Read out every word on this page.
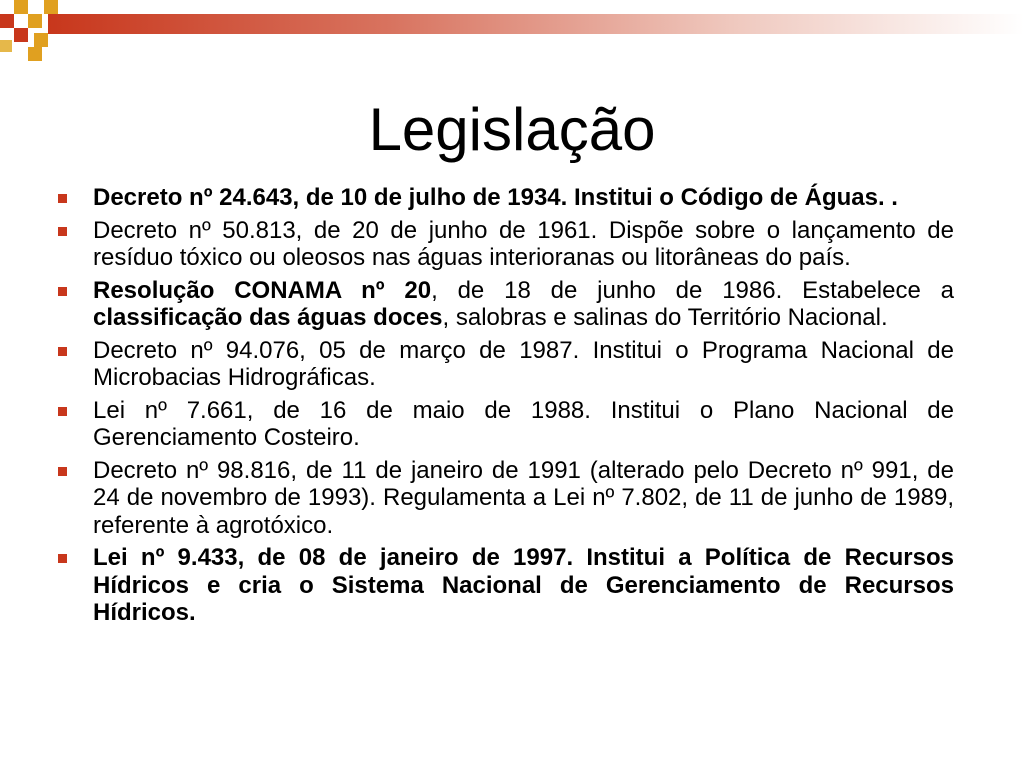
Legislação
Decreto nº 24.643, de 10 de julho de 1934. Institui o Código de Águas. .
Decreto nº 50.813, de 20 de junho de 1961. Dispõe sobre o lançamento de resíduo tóxico ou oleosos nas águas interioranas ou litorâneas do país.
Resolução CONAMA nº 20, de 18 de junho de 1986. Estabelece a classificação das águas doces, salobras e salinas do Território Nacional.
Decreto nº 94.076, 05 de março de 1987. Institui o Programa Nacional de Microbacias Hidrográficas.
Lei nº 7.661, de 16 de maio de 1988. Institui o Plano Nacional de Gerenciamento Costeiro.
Decreto nº 98.816, de 11 de janeiro de 1991 (alterado pelo Decreto nº 991, de 24 de novembro de 1993). Regulamenta a Lei nº 7.802, de 11 de junho de 1989, referente à agrotóxico.
Lei nº 9.433, de 08 de janeiro de 1997. Institui a Política de Recursos Hídricos e cria o Sistema Nacional de Gerenciamento de Recursos Hídricos.
